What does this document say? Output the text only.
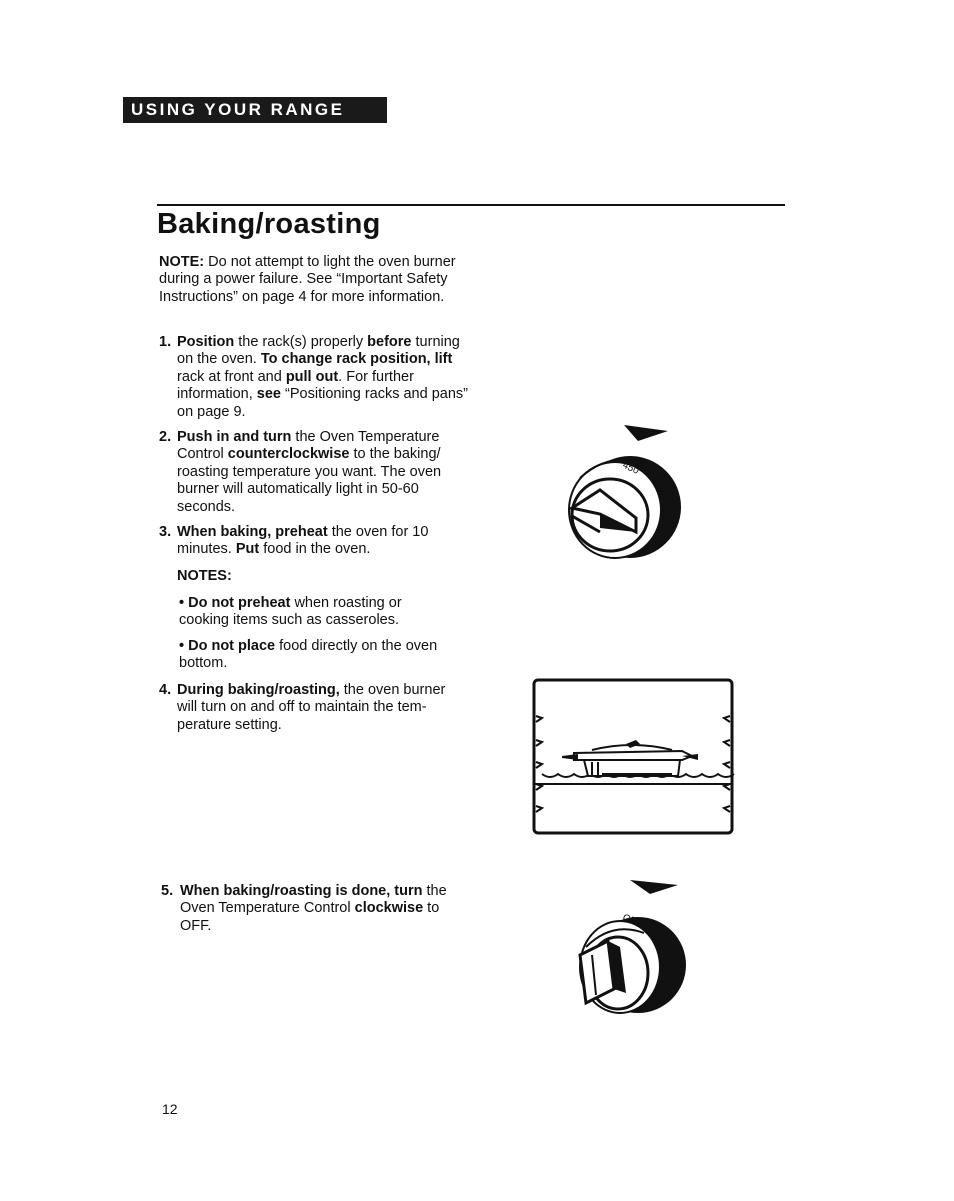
USING YOUR RANGE
Baking/roasting
NOTE: Do not attempt to light the oven burner during a power failure. See “Important Safety Instructions” on page 4 for more information.
1. Position the rack(s) properly before turning on the oven. To change rack position, lift rack at front and pull out. For further information, see “Positioning racks and pans” on page 9.
2. Push in and turn the Oven Temperature Control counterclockwise to the baking/ roasting temperature you want. The oven burner will automatically light in 50-60 seconds.
3. When baking, preheat the oven for 10 minutes. Put food in the oven.
NOTES:
• Do not preheat when roasting or cooking items such as casseroles.
• Do not place food directly on the oven bottom.
4. During baking/roasting, the oven burner will turn on and off to maintain the tem- perature setting.
5. When baking/roasting is done, turn the Oven Temperature Control clockwise to OFF.
450
OFF
12
